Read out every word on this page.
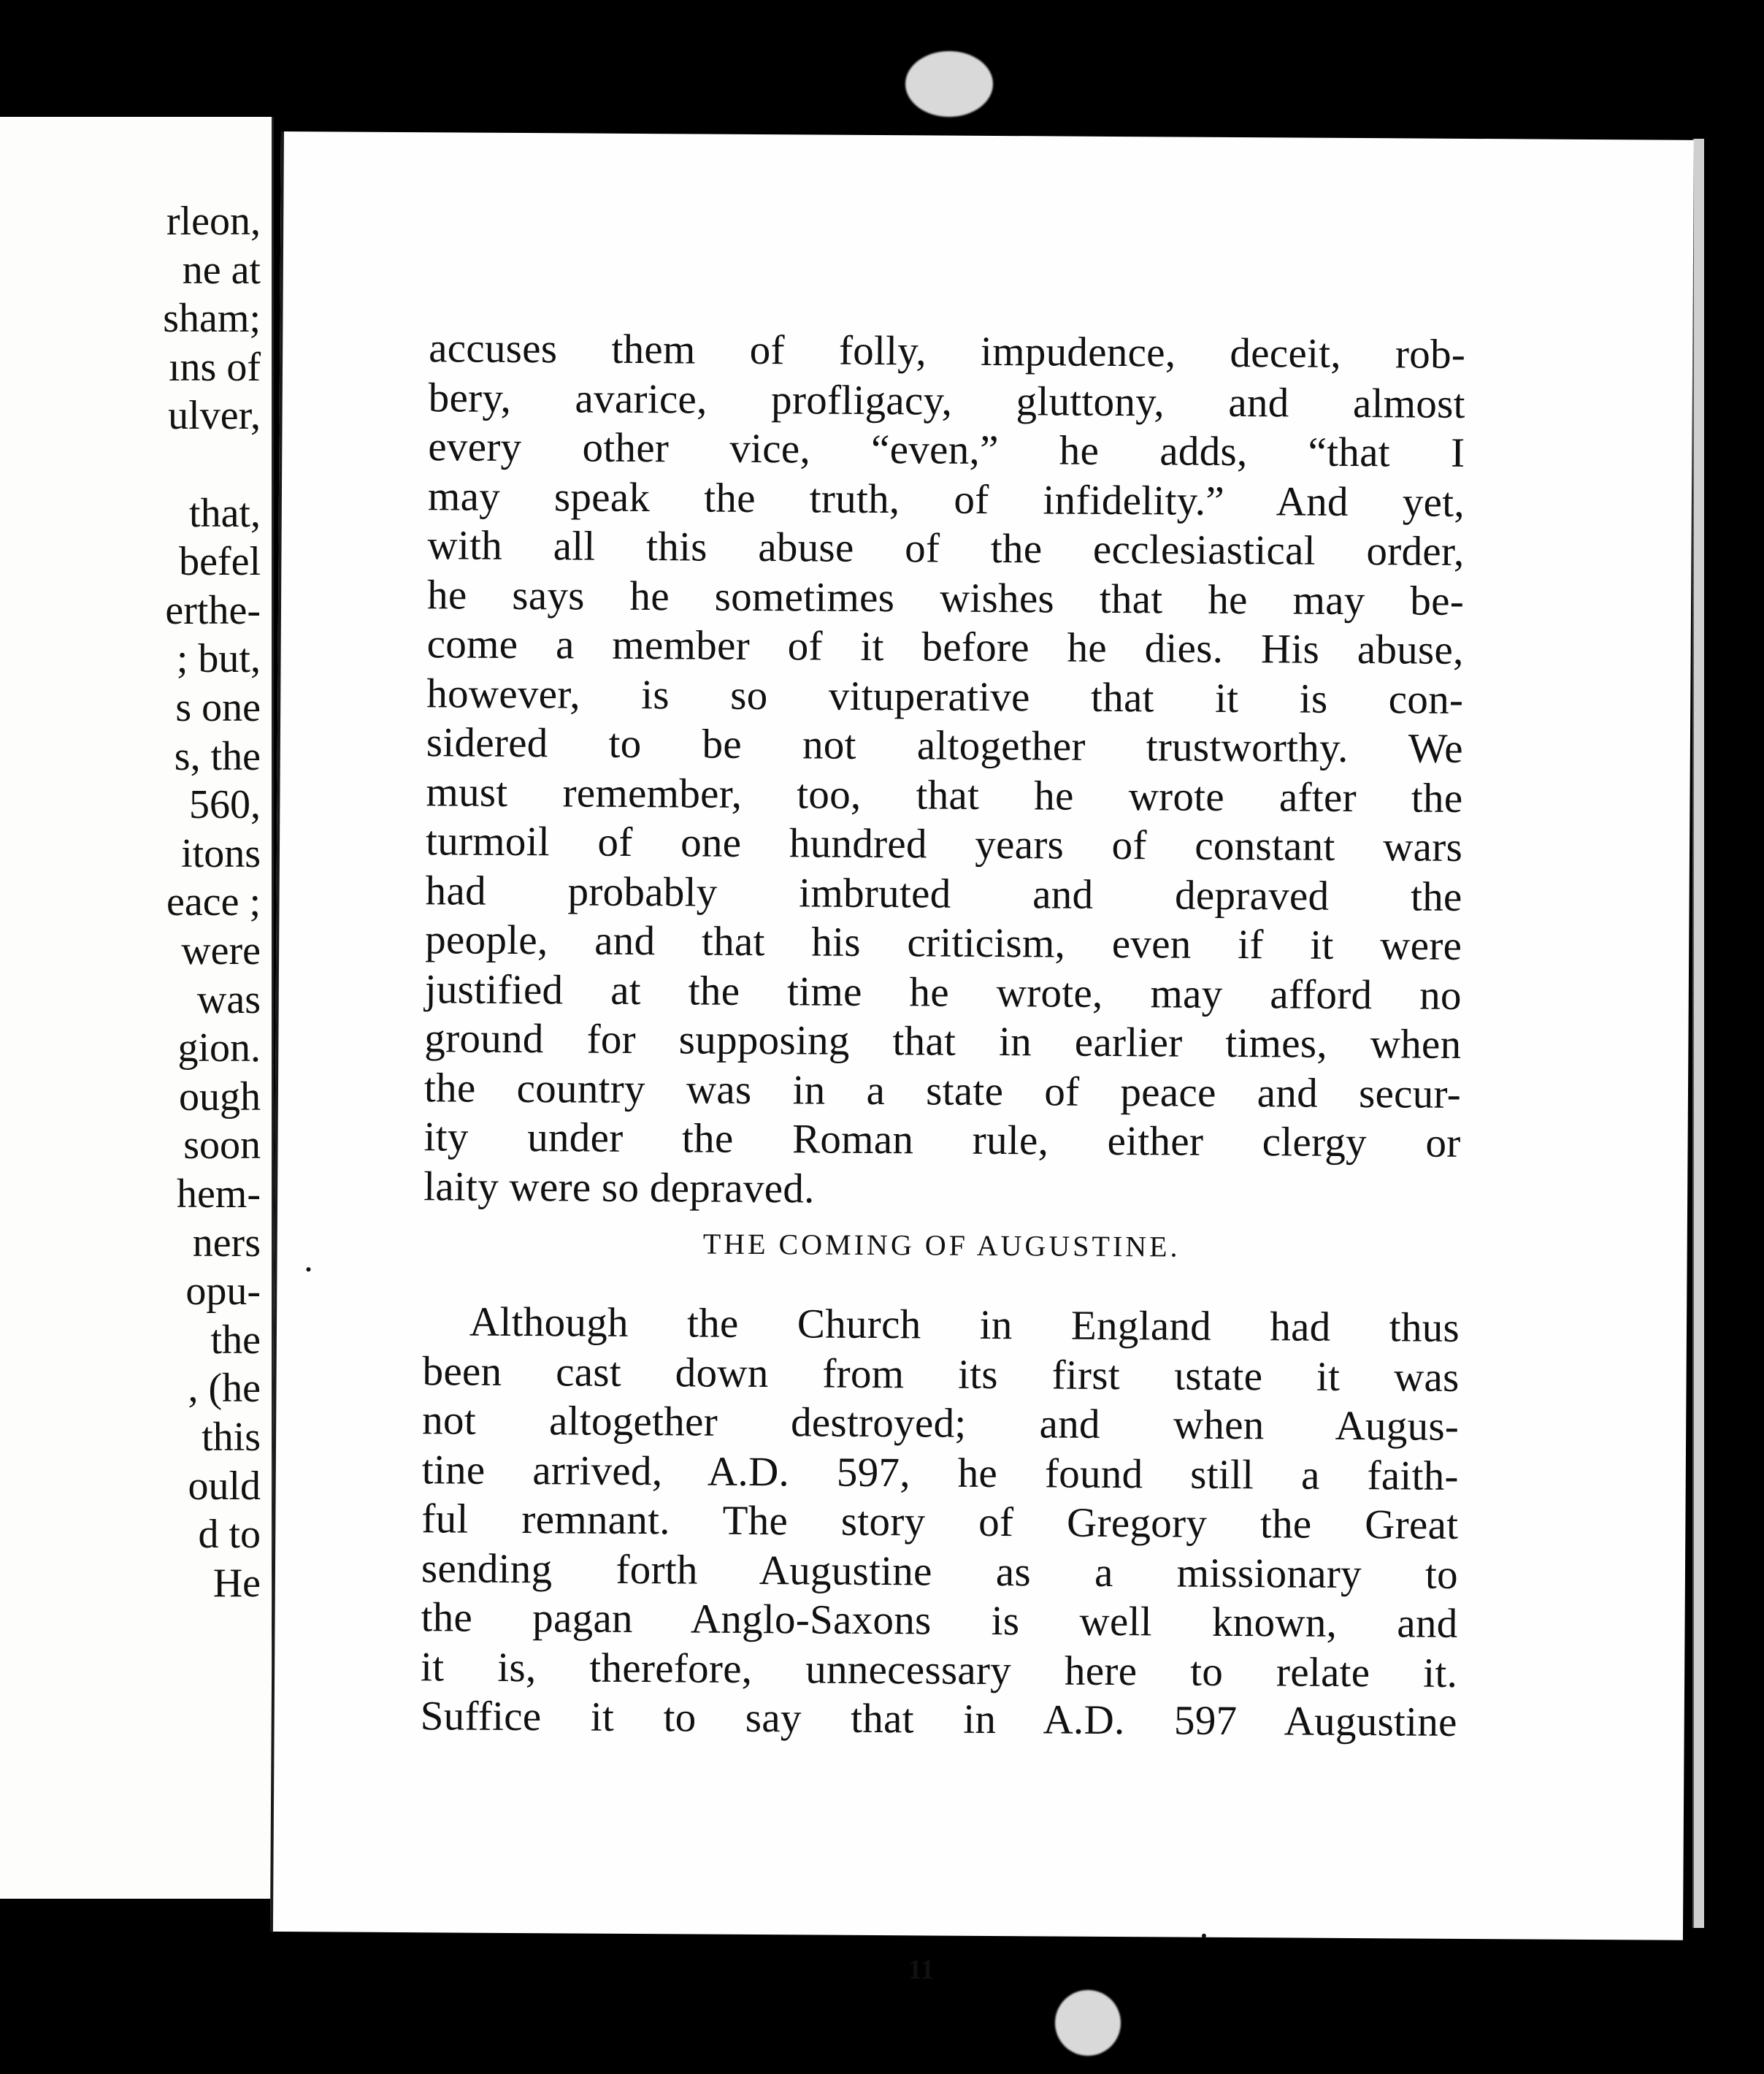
rleon,
ne at
sham;
ıns of
ulver,
that,
befel
erthe-
; but,
s one
s, the
560,
itons
eace ;
were
was
gion.
ough
soon
hem-
ners
opu-
the
, (he
this
ould
d to
He
accuses them of folly, impudence, deceit, rob-
bery, avarice, profligacy, gluttony, and almost
every other vice, “even,” he adds, “that I
may speak the truth, of infidelity.” And yet,
with all this abuse of the ecclesiastical order,
he says he sometimes wishes that he may be-
come a member of it before he dies. His abuse,
however, is so vituperative that it is con-
sidered to be not altogether trustworthy. We
must remember, too, that he wrote after the
turmoil of one hundred years of constant wars
had probably imbruted and depraved the
people, and that his criticism, even if it were
justified at the time he wrote, may afford no
ground for supposing that in earlier times, when
the country was in a state of peace and secur-
ity under the Roman rule, either clergy or
laity were so depraved.
THE COMING OF AUGUSTINE.
Although the Church in England had thus
been cast down from its first ιstate it was
not altogether destroyed; and when Augus-
tine arrived, A.D. 597, he found still a faith-
ful remnant. The story of Gregory the Great
sending forth Augustine as a missionary to
the pagan Anglo-Saxons is well known, and
it is, therefore, unnecessary here to relate it.
Suffice it to say that in A.D. 597 Augustine
11
